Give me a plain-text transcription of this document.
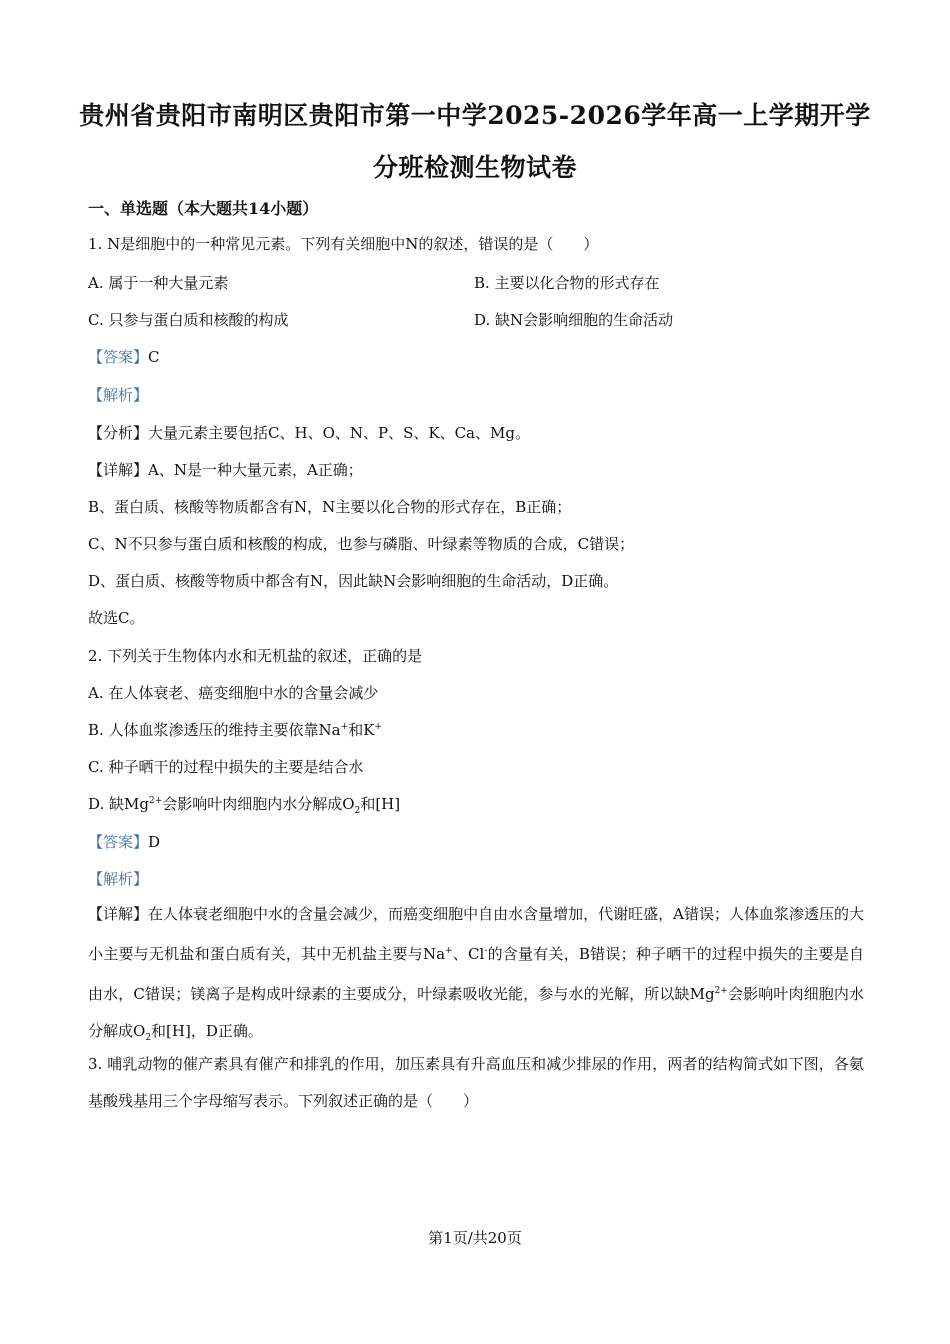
贵州省贵阳市南明区贵阳市第一中学2025-2026学年高一上学期开学
分班检测生物试卷
一、单选题（本大题共14小题）
1. N是细胞中的一种常见元素。下列有关细胞中N的叙述，错误的是（　　）
A. 属于一种大量元素	B. 主要以化合物的形式存在
C. 只参与蛋白质和核酸的构成	D. 缺N会影响细胞的生命活动
【答案】C
【解析】
【分析】大量元素主要包括C、H、O、N、P、S、K、Ca、Mg。
【详解】A、N是一种大量元素，A正确；
B、蛋白质、核酸等物质都含有N，N主要以化合物的形式存在，B正确；
C、N不只参与蛋白质和核酸的构成，也参与磷脂、叶绿素等物质的合成，C错误；
D、蛋白质、核酸等物质中都含有N，因此缺N会影响细胞的生命活动，D正确。
故选C。
2. 下列关于生物体内水和无机盐的叙述，正确的是
A. 在人体衰老、癌变细胞中水的含量会减少
B. 人体血浆渗透压的维持主要依靠Na+和K+
C. 种子晒干的过程中损失的主要是结合水
D. 缺$Mg^{2+}$会影响叶肉细胞内水分解成$O_2$和[H]
【答案】D
【解析】
【详解】在人体衰老细胞中水的含量会减少，而癌变细胞中自由水含量增加，代谢旺盛，A错误；人体血浆渗透压的大小主要与无机盐和蛋白质有关，其中无机盐主要与Na+、Cl-的含量有关，B错误；种子晒干的过程中损失的主要是自由水，C错误；镁离子是构成叶绿素的主要成分，叶绿素吸收光能，参与水的光解，所以缺$Mg^{2+}$会影响叶肉细胞内水分解成$O_2$和[H]，D正确。
3. 哺乳动物的催产素具有催产和排乳的作用，加压素具有升高血压和减少排尿的作用，两者的结构简式如下图，各氨基酸残基用三个字母缩写表示。下列叙述正确的是（　　）
第1页/共20页
